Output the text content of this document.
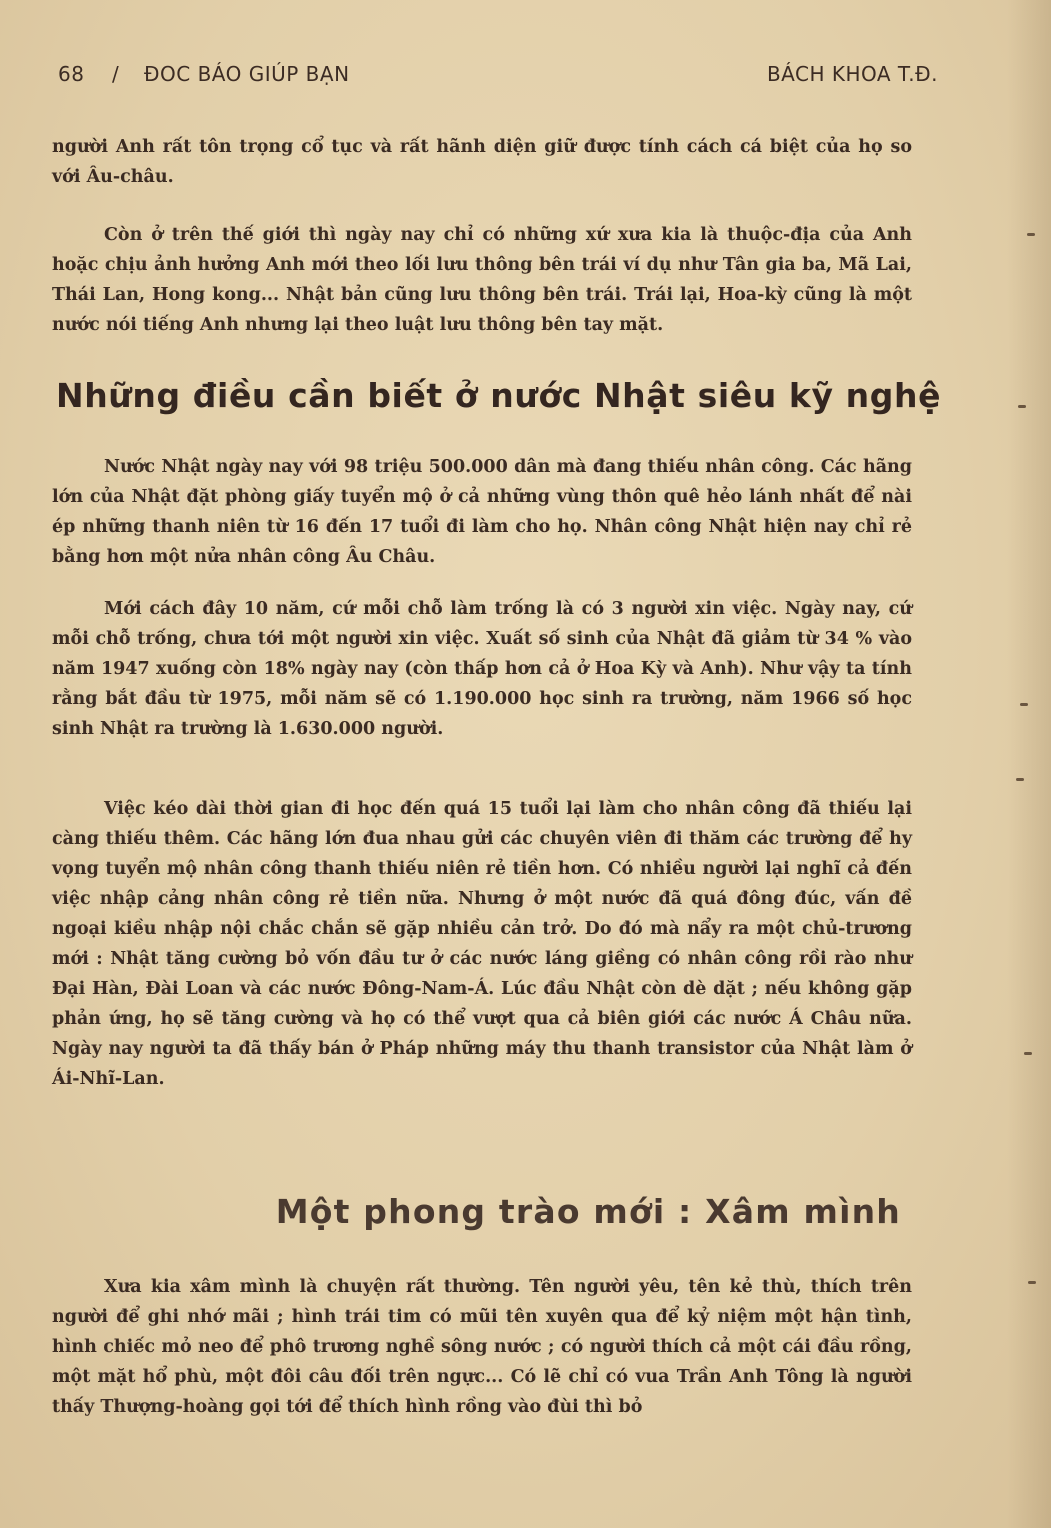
68 / ĐOC BÁO GIÚP BẠN	BÁCH KHOA T.Đ.

người Anh rất tôn trọng cổ tục và rất hãnh diện giữ được tính cách cá biệt của họ so với Âu-châu.

Còn ở trên thế giới thì ngày nay chỉ có những xứ xưa kia là thuộc-địa của Anh hoặc chịu ảnh hưởng Anh mới theo lối lưu thông bên trái ví dụ như Tân gia ba, Mã Lai, Thái Lan, Hong kong... Nhật bản cũng lưu thông bên trái. Trái lại, Hoa-kỳ cũng là một nước nói tiếng Anh nhưng lại theo luật lưu thông bên tay mặt.

Những điều cần biết ở nước Nhật siêu kỹ nghệ

Nước Nhật ngày nay với 98 triệu 500.000 dân mà đang thiếu nhân công. Các hãng lớn của Nhật đặt phòng giấy tuyển mộ ở cả những vùng thôn quê hẻo lánh nhất để nài ép những thanh niên từ 16 đến 17 tuổi đi làm cho họ. Nhân công Nhật hiện nay chỉ rẻ bằng hơn một nửa nhân công Âu Châu.

Mới cách đây 10 năm, cứ mỗi chỗ làm trống là có 3 người xin việc. Ngày nay, cứ mỗi chỗ trống, chưa tới một người xin việc. Xuất số sinh của Nhật đã giảm từ 34 % vào năm 1947 xuống còn 18% ngày nay (còn thấp hơn cả ở Hoa Kỳ và Anh). Như vậy ta tính rằng bắt đầu từ 1975, mỗi năm sẽ có 1.190.000 học sinh ra trường, năm 1966 số học sinh Nhật ra trường là 1.630.000 người.

Việc kéo dài thời gian đi học đến quá 15 tuổi lại làm cho nhân công đã thiếu lại càng thiếu thêm. Các hãng lớn đua nhau gửi các chuyên viên đi thăm các trường để hy vọng tuyển mộ nhân công thanh thiếu niên rẻ tiền hơn. Có nhiều người lại nghĩ cả đến việc nhập cảng nhân công rẻ tiền nữa. Nhưng ở một nước đã quá đông đúc, vấn đề ngoại kiều nhập nội chắc chắn sẽ gặp nhiều cản trở. Do đó mà nẩy ra một chủ-trương mới : Nhật tăng cường bỏ vốn đầu tư ở các nước láng giềng có nhân công rồi rào như Đại Hàn, Đài Loan và các nước Đông-Nam-Á. Lúc đầu Nhật còn dè dặt ; nếu không gặp phản ứng, họ sẽ tăng cường và họ có thể vượt qua cả biên giới các nước Á Châu nữa. Ngày nay người ta đã thấy bán ở Pháp những máy thu thanh transistor của Nhật làm ở Ái-Nhĩ-Lan.

Một phong trào mới : Xâm mình

Xưa kia xâm mình là chuyện rất thường. Tên người yêu, tên kẻ thù, thích trên người để ghi nhớ mãi ; hình trái tim có mũi tên xuyên qua để kỷ niệm một hận tình, hình chiếc mỏ neo để phô trương nghề sông nước ; có người thích cả một cái đầu rồng, một mặt hổ phù, một đôi câu đối trên ngực... Có lẽ chỉ có vua Trần Anh Tông là người thấy Thượng-hoàng gọi tới để thích hình rồng vào đùi thì bỏ
